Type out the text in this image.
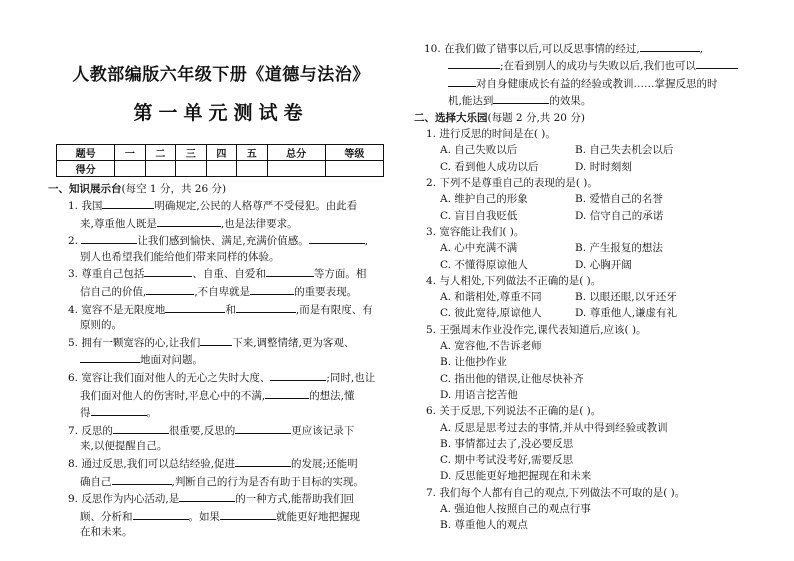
人教部编版六年级下册《道德与法治》
第一单元测试卷
题号	一	二	三	四	五	总分	等级
得分							
一、知识展示台(每空 1 分，共 26 分)
1. 我国	明确规定,公民的人格尊严不受侵犯。由此看
来,尊重他人既是	,也是法律要求。
2.	让我们感到愉快、满足,充满价值感。	,
别人也希望我们能给他们带来同样的体验。
3. 尊重自己包括	、自重、自爱和	等方面。相
信自己的价值,	,不自卑就是	的重要表现。
4. 宽容不是无限度地	和	,而是有限度、有
原则的。
5. 拥有一颗宽容的心,让我们	下来,调整情绪,更为客观、
地面对问题。
6. 宽容让我们面对他人的无心之失时大度、	;同时,也让
我们面对他人的伤害时,平息心中的不满,	的想法,懂
得	。
7. 反思的	很重要,反思的	更应该记录下
来,以便提醒自己。
8. 通过反思,我们可以总结经验,促进	的发展;还能明
确自己	,判断自己的行为是否有助于目标的实现。
9. 反思作为内心活动,是	的一种方式,能帮助我们回
顾、分析和	。如果	就能更好地把握现
在和未来。
10. 在我们做了错事以后,可以反思事情的经过,	,
;在看到别人的成功与失败以后,我们也可以
对自身健康成长有益的经验或教训……掌握反思的时
机,能达到	的效果。
二、选择大乐园(每题 2 分,共 20 分)
1. 进行反思的时间是在( )。
A. 自己失败以后	B. 自己失去机会以后
C. 看到他人成功以后	D. 时时刻刻
2. 下列不是尊重自己的表现的是( )。
A. 维护自己的形象	B. 爱惜自己的名誉
C. 盲目自我贬低	D. 信守自己的承诺
3. 宽容能让我们( )。
A. 心中充满不满	B. 产生报复的想法
C. 不懂得原谅他人	D. 心胸开阔
4. 与人相处,下列做法不正确的是( )。
A. 和谐相处,尊重不同	B. 以眼还眼,以牙还牙
C. 彼此宽待,原谅他人	D. 尊重他人,谦虚有礼
5. 王强周末作业没作完,课代表知道后,应该( )。
A. 宽容他,不告诉老师
B. 让他抄作业
C. 指出他的错误,让他尽快补齐
D. 用语言挖苦他
6. 关于反思,下列说法不正确的是( )。
A. 反思是思考过去的事情,并从中得到经验或教训
B. 事情都过去了,没必要反思
C. 期中考试没考好,需要反思
D. 反思能更好地把握现在和未来
7. 我们每个人都有自己的观点,下列做法不可取的是( )。
A. 强迫他人按照自己的观点行事
B. 尊重他人的观点
